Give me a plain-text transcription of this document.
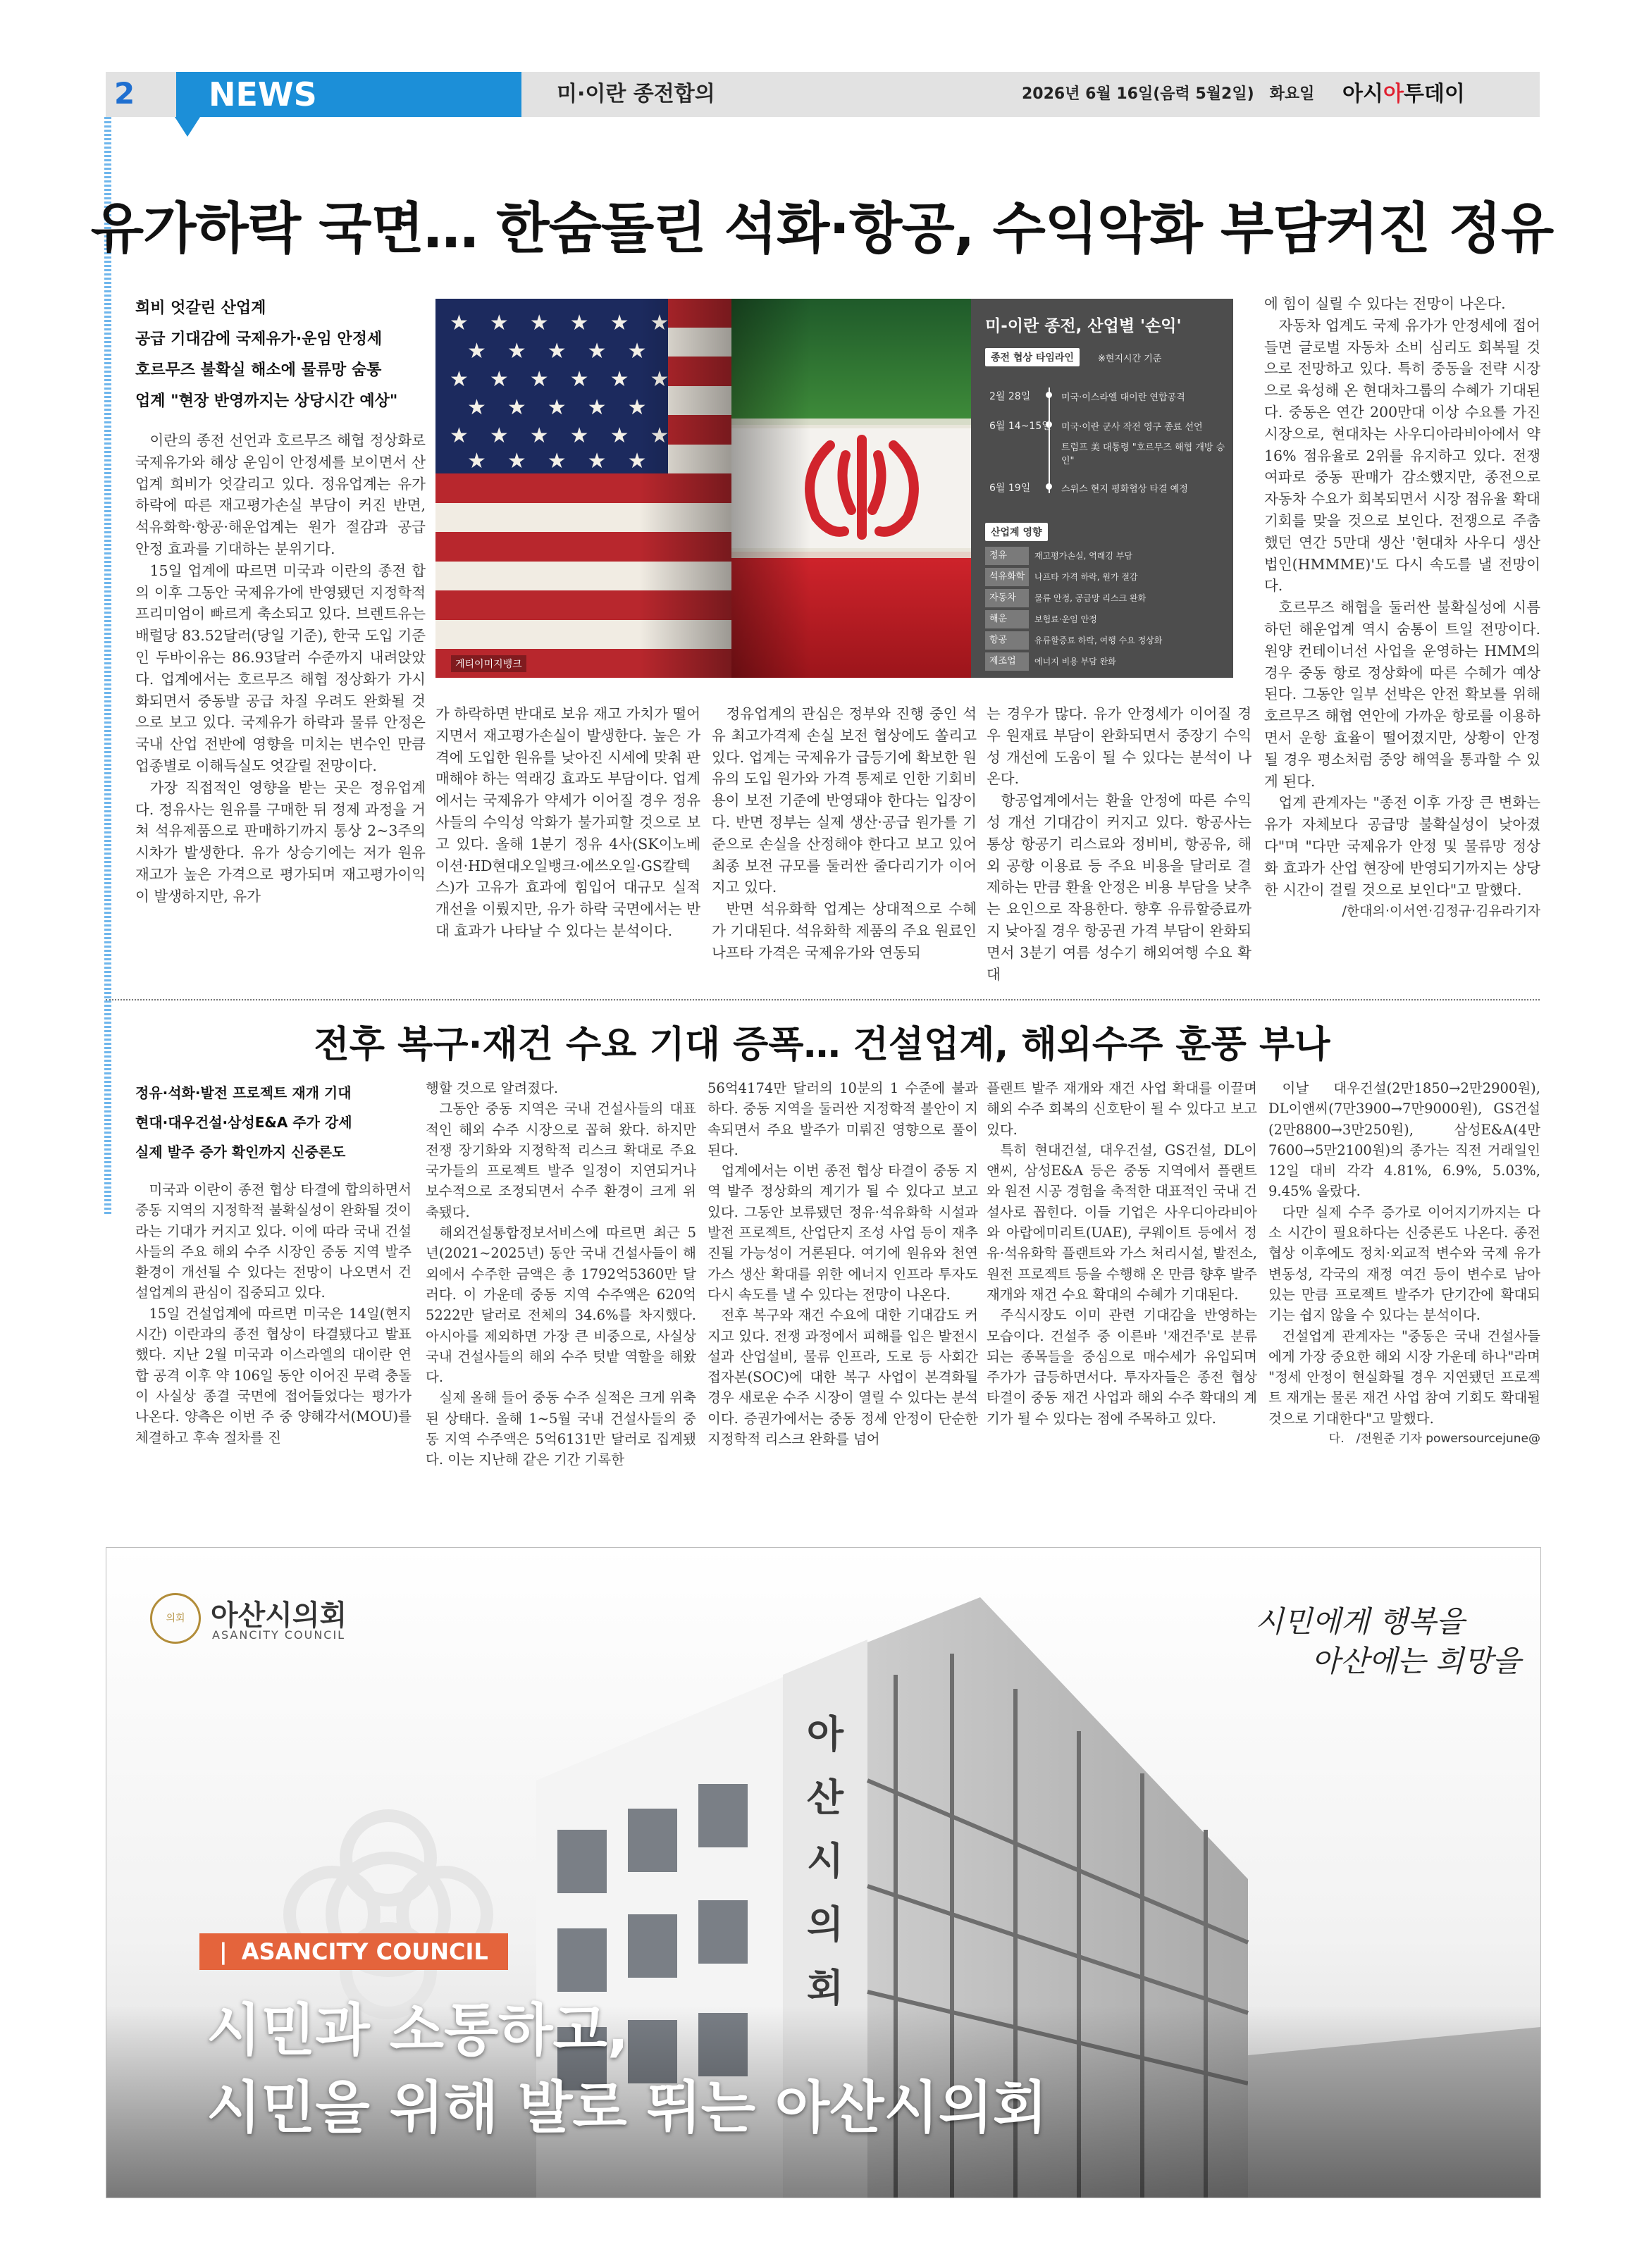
2	NEWS	미·이란 종전합의	2026년 6월 16일(음력 5월2일)　화요일 아시아투데이
유가하락 국면… 한숨돌린 석화·항공, 수익악화 부담커진 정유
희비 엇갈린 산업계
공급 기대감에 국제유가·운임 안정세
호르무즈 불확실 해소에 물류망 숨통
업계 "현장 반영까지는 상당시간 예상"

이란의 종전 선언과 호르무즈 해협 정상화로 국제유가와 해상 운임이 안정세를 보이면서 산업계 희비가 엇갈리고 있다. 정유업계는 유가 하락에 따른 재고평가손실 부담이 커진 반면, 석유화학·항공·해운업계는 원가 절감과 공급 안정 효과를 기대하는 분위기다.

15일 업계에 따르면 미국과 이란의 종전 합의 이후 그동안 국제유가에 반영됐던 지정학적 프리미엄이 빠르게 축소되고 있다. 브렌트유는 배럴당 83.52달러(당일 기준), 한국 도입 기준인 두바이유는 86.93달러 수준까지 내려앉았다. 업계에서는 호르무즈 해협 정상화가 가시화되면서 중동발 공급 차질 우려도 완화될 것으로 보고 있다. 국제유가 하락과 물류 안정은 국내 산업 전반에 영향을 미치는 변수인 만큼 업종별로 이해득실도 엇갈릴 전망이다.

가장 직접적인 영향을 받는 곳은 정유업계다. 정유사는 원유를 구매한 뒤 정제 과정을 거쳐 석유제품으로 판매하기까지 통상 2~3주의 시차가 발생한다. 유가 상승기에는 저가 원유 재고가 높은 가격으로 평가되며 재고평가이익이 발생하지만, 유가

가 하락하면 반대로 보유 재고 가치가 떨어지면서 재고평가손실이 발생한다. 높은 가격에 도입한 원유를 낮아진 시세에 맞춰 판매해야 하는 역래깅 효과도 부담이다. 업계에서는 국제유가 약세가 이어질 경우 정유사들의 수익성 악화가 불가피할 것으로 보고 있다. 올해 1분기 정유 4사(SK이노베이션·HD현대오일뱅크·에쓰오일·GS칼텍스)가 고유가 효과에 힘입어 대규모 실적 개선을 이뤘지만, 유가 하락 국면에서는 반대 효과가 나타날 수 있다는 분석이다.

정유업계의 관심은 정부와 진행 중인 석유 최고가격제 손실 보전 협상에도 쏠리고 있다. 업계는 국제유가 급등기에 확보한 원유의 도입 원가와 가격 통제로 인한 기회비용이 보전 기준에 반영돼야 한다는 입장이다. 반면 정부는 실제 생산·공급 원가를 기준으로 손실을 산정해야 한다고 보고 있어 최종 보전 규모를 둘러싼 줄다리기가 이어지고 있다.

반면 석유화학 업계는 상대적으로 수혜가 기대된다. 석유화학 제품의 주요 원료인 나프타 가격은 국제유가와 연동되

는 경우가 많다. 유가 안정세가 이어질 경우 원재료 부담이 완화되면서 중장기 수익성 개선에 도움이 될 수 있다는 분석이 나온다.

항공업계에서는 환율 안정에 따른 수익성 개선 기대감이 커지고 있다. 항공사는 통상 항공기 리스료와 정비비, 항공유, 해외 공항 이용료 등 주요 비용을 달러로 결제하는 만큼 환율 안정은 비용 부담을 낮추는 요인으로 작용한다. 향후 유류할증료까지 낮아질 경우 항공권 가격 부담이 완화되면서 3분기 여름 성수기 해외여행 수요 확대

에 힘이 실릴 수 있다는 전망이 나온다.

자동차 업계도 국제 유가가 안정세에 접어들면 글로벌 자동차 소비 심리도 회복될 것으로 전망하고 있다. 특히 중동을 전략 시장으로 육성해 온 현대차그룹의 수혜가 기대된다. 중동은 연간 200만대 이상 수요를 가진 시장으로, 현대차는 사우디아라비아에서 약 16% 점유율로 2위를 유지하고 있다. 전쟁 여파로 중동 판매가 감소했지만, 종전으로 자동차 수요가 회복되면서 시장 점유율 확대 기회를 맞을 것으로 보인다. 전쟁으로 주춤했던 연간 5만대 생산 '현대차 사우디 생산법인(HMMME)'도 다시 속도를 낼 전망이다.

호르무즈 해협을 둘러싼 불확실성에 시름하던 해운업계 역시 숨통이 트일 전망이다. 원양 컨테이너선 사업을 운영하는 HMM의 경우 중동 항로 정상화에 따른 수혜가 예상된다. 그동안 일부 선박은 안전 확보를 위해 호르무즈 해협 연안에 가까운 항로를 이용하면서 운항 효율이 떨어졌지만, 상황이 안정될 경우 평소처럼 중앙 해역을 통과할 수 있게 된다.

업계 관계자는 "종전 이후 가장 큰 변화는 유가 자체보다 공급망 불확실성이 낮아졌다"며 "다만 국제유가 안정 및 물류망 정상화 효과가 산업 현장에 반영되기까지는 상당한 시간이 걸릴 것으로 보인다"고 말했다.

/한대의·이서연·김정규·김유라기자
게티이미지뱅크
미-이란 종전, 산업별 '손익'
종전 협상 타임라인	※현지시간 기준
2월 28일	미국·이스라엘 대이란 연합공격
6월 14~15일 미국·이란 군사 작전 영구 종료 선언
트럼프 美 대통령 "호르무즈 해협 개방 승인"
6월 19일	스위스 현지 평화협상 타결 예정
산업계 영향
정유	재고평가손실, 역래깅 부담
석유화학	나프타 가격 하락, 원가 절감
자동차	물류 안정, 공급망 리스크 완화
해운	보험료·운임 안정
항공	유류할증료 하락, 여행 수요 정상화
제조업	에너지 비용 부담 완화
전후 복구·재건 수요 기대 증폭… 건설업계, 해외수주 훈풍 부나
정유·석화·발전 프로젝트 재개 기대
현대·대우건설·삼성E&A 주가 강세
실제 발주 증가 확인까지 신중론도

미국과 이란이 종전 협상 타결에 합의하면서 중동 지역의 지정학적 불확실성이 완화될 것이라는 기대가 커지고 있다. 이에 따라 국내 건설사들의 주요 해외 수주 시장인 중동 지역 발주 환경이 개선될 수 있다는 전망이 나오면서 건설업계의 관심이 집중되고 있다.

15일 건설업계에 따르면 미국은 14일(현지시간) 이란과의 종전 협상이 타결됐다고 발표했다. 지난 2월 미국과 이스라엘의 대이란 연합 공격 이후 약 106일 동안 이어진 무력 충돌이 사실상 종결 국면에 접어들었다는 평가가 나온다. 양측은 이번 주 중 양해각서(MOU)를 체결하고 후속 절차를 진

행할 것으로 알려졌다.

그동안 중동 지역은 국내 건설사들의 대표적인 해외 수주 시장으로 꼽혀 왔다. 하지만 전쟁 장기화와 지정학적 리스크 확대로 주요 국가들의 프로젝트 발주 일정이 지연되거나 보수적으로 조정되면서 수주 환경이 크게 위축됐다.

해외건설통합정보서비스에 따르면 최근 5년(2021~2025년) 동안 국내 건설사들이 해외에서 수주한 금액은 총 1792억5360만 달러다. 이 가운데 중동 지역 수주액은 620억5222만 달러로 전체의 34.6%를 차지했다. 아시아를 제외하면 가장 큰 비중으로, 사실상 국내 건설사들의 해외 수주 텃밭 역할을 해왔다.

실제 올해 들어 중동 수주 실적은 크게 위축된 상태다. 올해 1~5월 국내 건설사들의 중동 지역 수주액은 5억6131만 달러로 집계됐다. 이는 지난해 같은 기간 기록한

56억4174만 달러의 10분의 1 수준에 불과하다. 중동 지역을 둘러싼 지정학적 불안이 지속되면서 주요 발주가 미뤄진 영향으로 풀이된다.

업계에서는 이번 종전 협상 타결이 중동 지역 발주 정상화의 계기가 될 수 있다고 보고 있다. 그동안 보류됐던 정유·석유화학 시설과 발전 프로젝트, 산업단지 조성 사업 등이 재추진될 가능성이 거론된다. 여기에 원유와 천연가스 생산 확대를 위한 에너지 인프라 투자도 다시 속도를 낼 수 있다는 전망이 나온다.

전후 복구와 재건 수요에 대한 기대감도 커지고 있다. 전쟁 과정에서 피해를 입은 발전시설과 산업설비, 물류 인프라, 도로 등 사회간접자본(SOC)에 대한 복구 사업이 본격화될 경우 새로운 수주 시장이 열릴 수 있다는 분석이다. 증권가에서는 중동 정세 안정이 단순한 지정학적 리스크 완화를 넘어

플랜트 발주 재개와 재건 사업 확대를 이끌며 해외 수주 회복의 신호탄이 될 수 있다고 보고 있다.

특히 현대건설, 대우건설, GS건설, DL이앤씨, 삼성E&A 등은 중동 지역에서 플랜트와 원전 시공 경험을 축적한 대표적인 국내 건설사로 꼽힌다. 이들 기업은 사우디아라비아와 아랍에미리트(UAE), 쿠웨이트 등에서 정유·석유화학 플랜트와 가스 처리시설, 발전소, 원전 프로젝트 등을 수행해 온 만큼 향후 발주 재개와 재건 수요 확대의 수혜가 기대된다.

주식시장도 이미 관련 기대감을 반영하는 모습이다. 건설주 중 이른바 '재건주'로 분류되는 종목들을 중심으로 매수세가 유입되며 주가가 급등하면서다. 투자자들은 종전 협상 타결이 중동 재건 사업과 해외 수주 확대의 계기가 될 수 있다는 점에 주목하고 있다.

이날　대우건설(2만1850→2만2900원), DL이앤씨(7만3900→7만9000원), GS건설(2만8800→3만250원), 삼성E&A(4만7600→5만2100원)의 종가는 직전 거래일인 12일 대비 각각 4.81%, 6.9%, 5.03%, 9.45% 올랐다.

다만 실제 수주 증가로 이어지기까지는 다소 시간이 필요하다는 신중론도 나온다. 종전 협상 이후에도 정치·외교적 변수와 국제 유가 변동성, 각국의 재정 여건 등이 변수로 남아 있는 만큼 프로젝트 발주가 단기간에 확대되기는 쉽지 않을 수 있다는 분석이다.

건설업계 관계자는 "중동은 국내 건설사들에게 가장 중요한 해외 시장 가운데 하나"라며 "정세 안정이 현실화될 경우 지연됐던 프로젝트 재개는 물론 재건 사업 참여 기회도 확대될 것으로 기대한다"고 말했다.

다.　/전원준 기자 powersourcejune@
아산시의회
의회 아산시의회
ASANCITY COUNCIL	시민에게 행복을
아산에는 희망을
| ASANCITY COUNCIL
시민과 소통하고,
시민을 위해 발로 뛰는 아산시의회
